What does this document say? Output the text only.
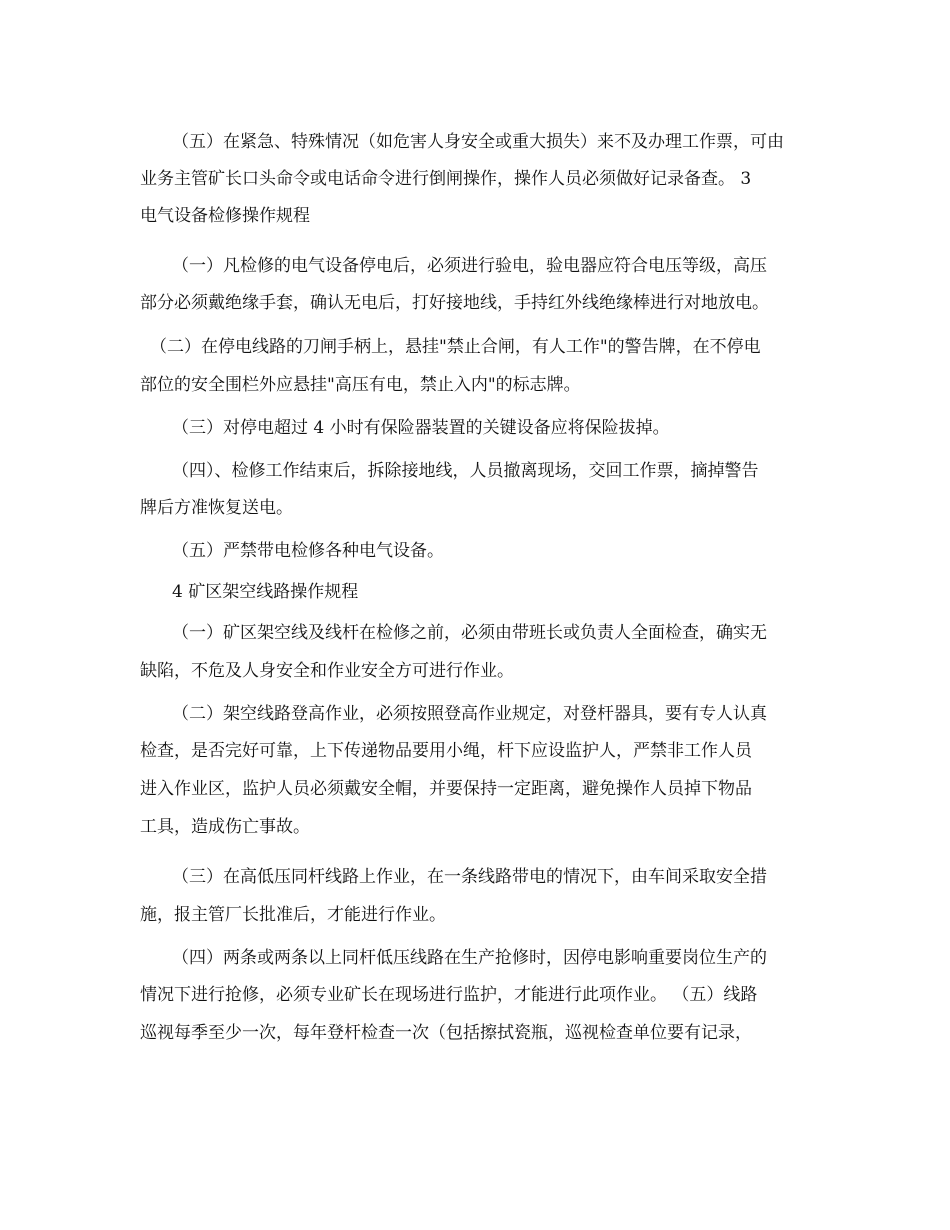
（五）在紧急、特殊情况（如危害人身安全或重大损失）来不及办理工作票，可由

业务主管矿长口头命令或电话命令进行倒闸操作，操作人员必须做好记录备查。 3

电气设备检修操作规程

（一）凡检修的电气设备停电后，必须进行验电，验电器应符合电压等级，高压

部分必须戴绝缘手套，确认无电后，打好接地线，手持红外线绝缘棒进行对地放电。

（二）在停电线路的刀闸手柄上，悬挂"禁止合闸，有人工作"的警告牌，在不停电

部位的安全围栏外应悬挂"高压有电，禁止入内"的标志牌。

（三）对停电超过 4 小时有保险器装置的关键设备应将保险拔掉。

（四）、检修工作结束后，拆除接地线，人员撤离现场，交回工作票，摘掉警告

牌后方准恢复送电。

（五）严禁带电检修各种电气设备。

4 矿区架空线路操作规程

（一）矿区架空线及线杆在检修之前，必须由带班长或负责人全面检查，确实无

缺陷，不危及人身安全和作业安全方可进行作业。

（二）架空线路登高作业，必须按照登高作业规定，对登杆器具，要有专人认真

检查，是否完好可靠，上下传递物品要用小绳，杆下应设监护人，严禁非工作人员

进入作业区，监护人员必须戴安全帽，并要保持一定距离，避免操作人员掉下物品

工具，造成伤亡事故。

（三）在高低压同杆线路上作业，在一条线路带电的情况下，由车间采取安全措

施，报主管厂长批准后，才能进行作业。

（四）两条或两条以上同杆低压线路在生产抢修时，因停电影响重要岗位生产的

情况下进行抢修，必须专业矿长在现场进行监护，才能进行此项作业。 （五）线路

巡视每季至少一次，每年登杆检查一次（包括擦拭瓷瓶，巡视检查单位要有记录，
